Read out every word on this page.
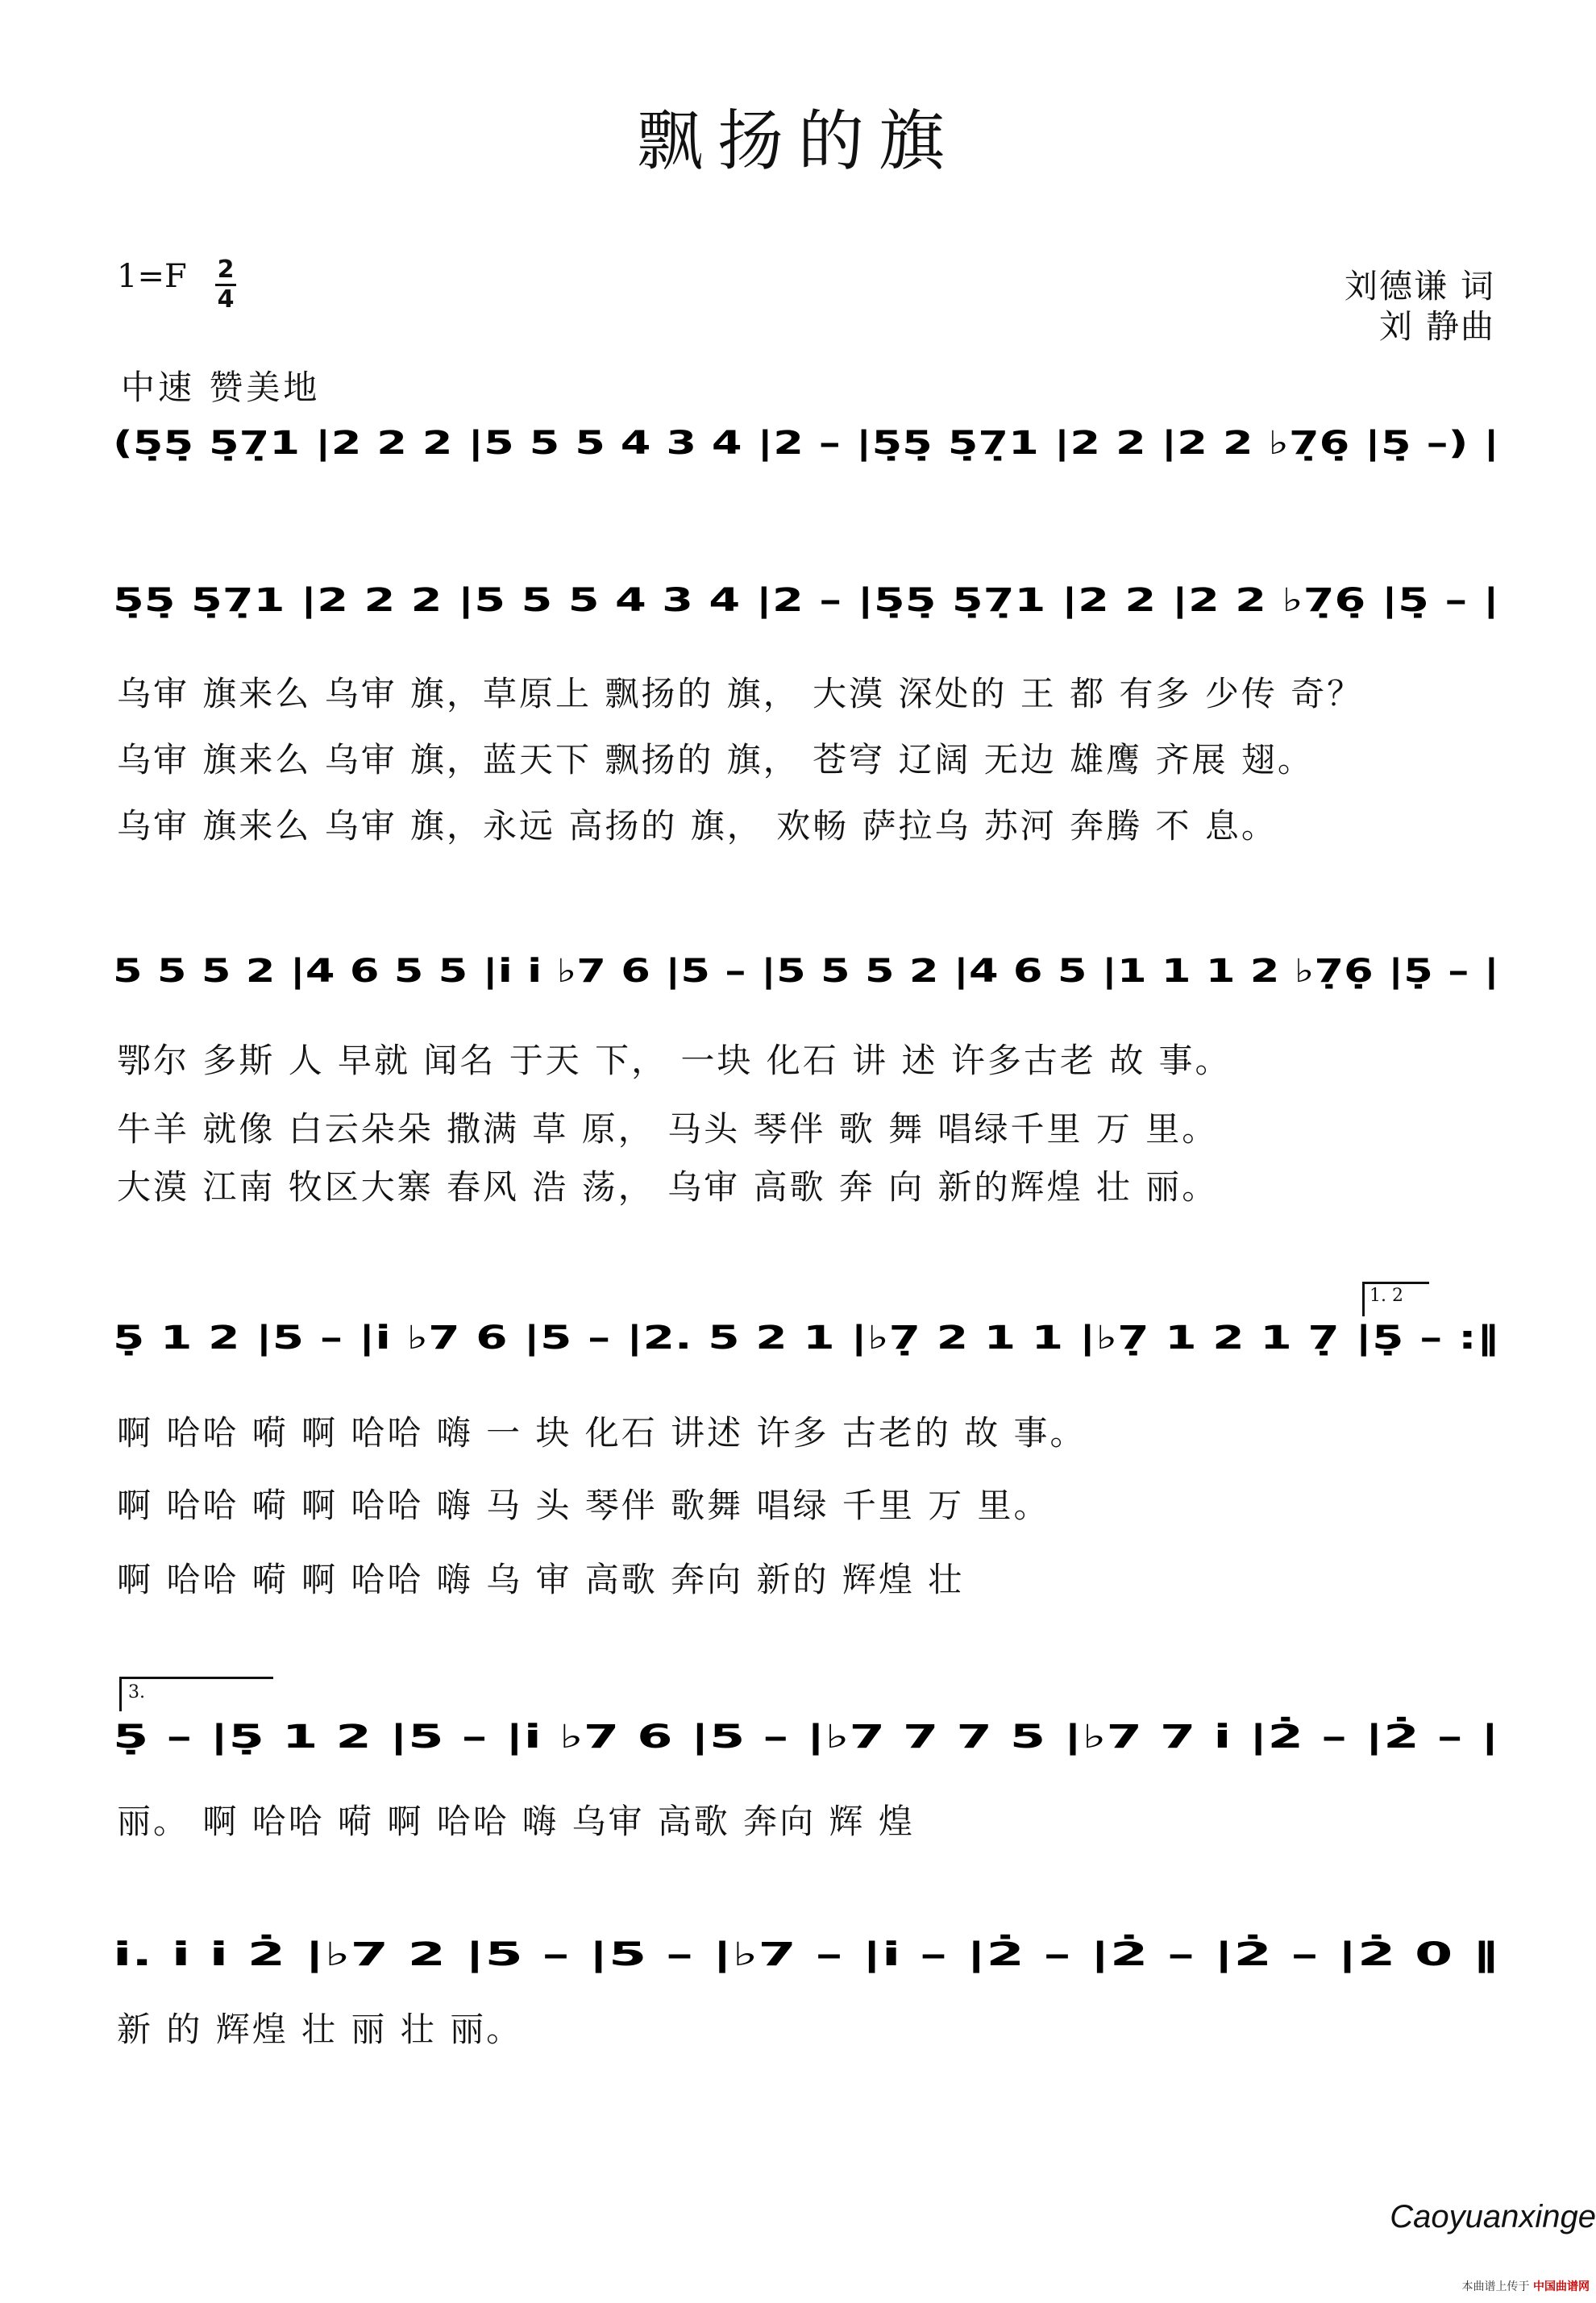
飘扬的旗
1=F 2
4	刘德谦 词
刘 静曲
中速 赞美地
(5̣5̣ 5̣7̣1 |2 2 2 |5 5 5 4 3 4 |2 – |5̣5̣ 5̣7̣1 |2 2 |2 2 ♭7̣6̣ |5̣ –) |
5̣5̣ 5̣7̣1 |2 2 2 |5 5 5 4 3 4 |2 – |5̣5̣ 5̣7̣1 |2 2 |2 2 ♭7̣6̣ |5̣ – |
5 5 5 2 |4 6 5 5 |i̇ i̇ ♭7 6 |5 – |5 5 5 2 |4 6 5 |1 1 1 2 ♭7̣6̣ |5̣ – |
5̣ 1 2 |5 – |i̇ ♭7 6 |5 – |2. 5 2 1 |♭7̣ 2 1 1 |♭7̣ 1 2 1 7̣ |5̣ – :‖
5̣ – |5̣ 1 2 |5 – |i̇ ♭7 6 |5 – |♭7 7 7 5 |♭7 7 i̇ |2̇ – |2̇ – |
i̇. i̇ i̇ 2̇ |♭7 2 |5 – |5 – |♭7 – |i̇ – |2̇ – |2̇ – |2̇ – |2̇ 0 ‖
1. 2
3.
乌审 旗来么 乌审 旗，草原上 飘扬的 旗， 大漠 深处的 王 都 有多 少传 奇？
乌审 旗来么 乌审 旗，蓝天下 飘扬的 旗， 苍穹 辽阔 无边 雄鹰 齐展 翅。
乌审 旗来么 乌审 旗，永远 高扬的 旗， 欢畅 萨拉乌 苏河 奔腾 不 息。
鄂尔 多斯 人 早就 闻名 于天 下， 一块 化石 讲 述 许多古老 故 事。
牛羊 就像 白云朵朵 撒满 草 原， 马头 琴伴 歌 舞 唱绿千里 万 里。
大漠 江南 牧区大寨 春风 浩 荡， 乌审 高歌 奔 向 新的辉煌 壮 丽。
啊 哈哈 嗬 啊 哈哈 嗨 一 块 化石 讲述 许多 古老的 故 事。
啊 哈哈 嗬 啊 哈哈 嗨 马 头 琴伴 歌舞 唱绿 千里 万 里。
啊 哈哈 嗬 啊 哈哈 嗨 乌 审 高歌 奔向 新的 辉煌 壮
丽。 啊 哈哈 嗬 啊 哈哈 嗨 乌审 高歌 奔向 辉 煌
新 的 辉煌 壮 丽 壮 丽。
Caoyuanxinge
本曲谱上传于 中国曲谱网
